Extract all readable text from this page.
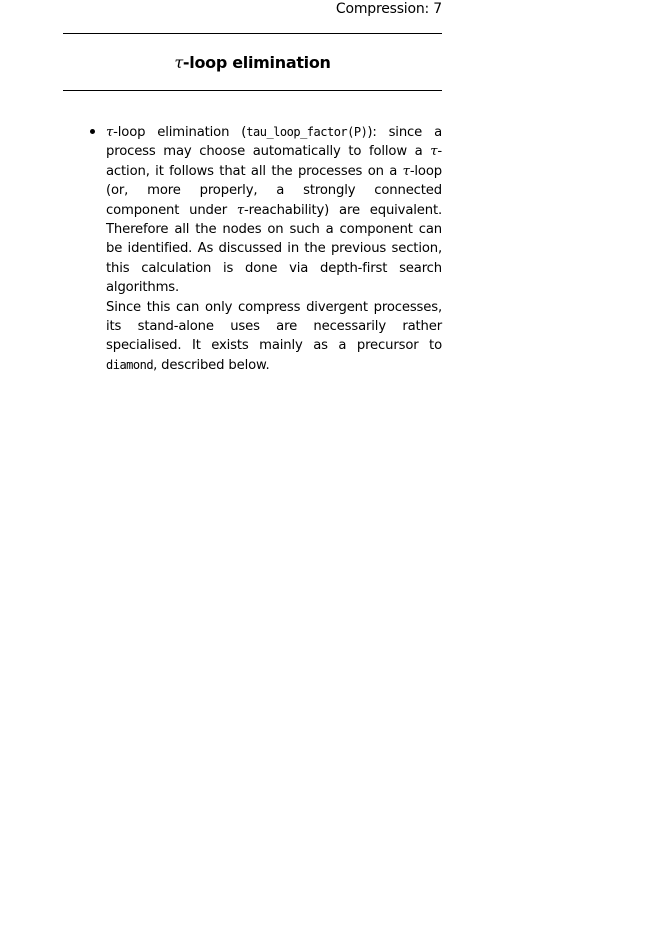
Compression: 7
τ-loop elimination

τ-loop elimination (tau_loop_factor(P)): since a process may choose automatically to follow a τ-action, it follows that all the processes on a τ-loop (or, more properly, a strongly connected component under τ-reachability) are equivalent. Therefore all the nodes on such a component can be identified. As discussed in the previous section, this calculation is done via depth-first search algorithms.

Since this can only compress divergent processes, its stand-alone uses are necessarily rather specialised. It exists mainly as a precursor to diamond, described below.
